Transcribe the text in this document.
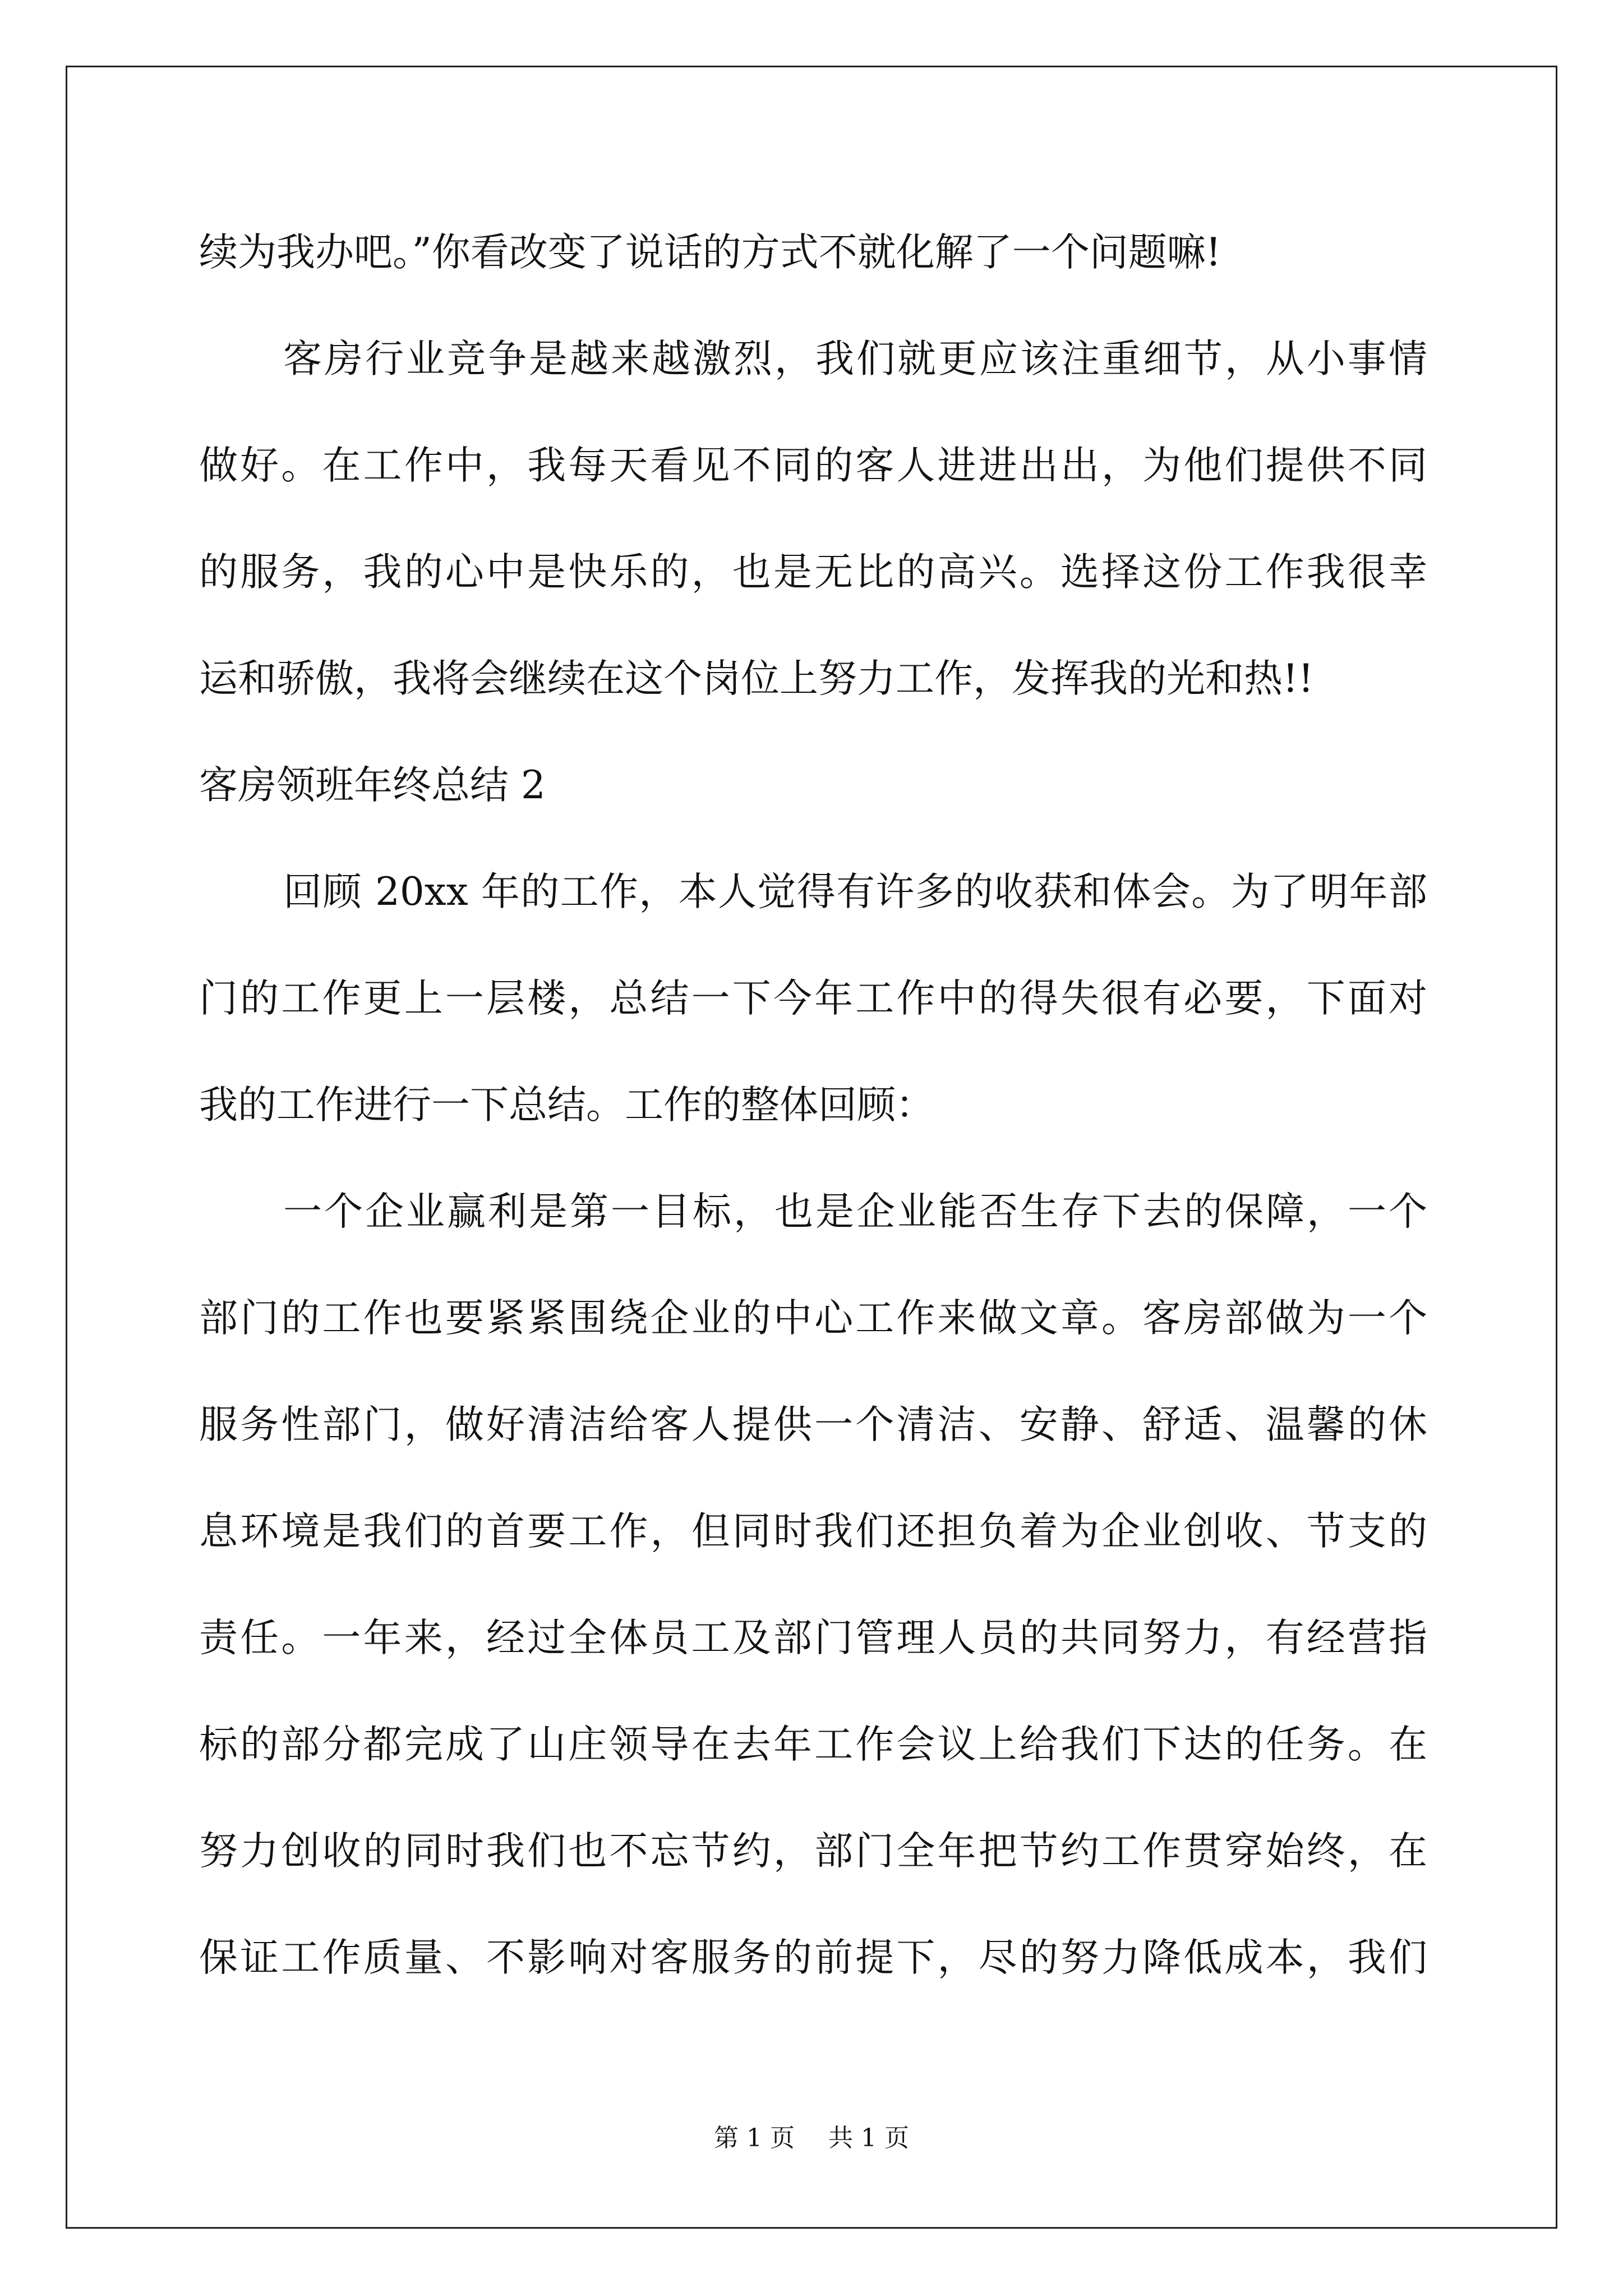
续为我办吧。”你看改变了说话的方式不就化解了一个问题嘛!
客房行业竞争是越来越激烈，我们就更应该注重细节，从小事情
做好。在工作中，我每天看见不同的客人进进出出，为他们提供不同
的服务，我的心中是快乐的，也是无比的高兴。选择这份工作我很幸
运和骄傲，我将会继续在这个岗位上努力工作，发挥我的光和热!!
客房领班年终总结 2
回顾 20xx 年的工作，本人觉得有许多的收获和体会。为了明年部
门的工作更上一层楼，总结一下今年工作中的得失很有必要，下面对
我的工作进行一下总结。工作的整体回顾：
一个企业赢利是第一目标，也是企业能否生存下去的保障，一个
部门的工作也要紧紧围绕企业的中心工作来做文章。客房部做为一个
服务性部门，做好清洁给客人提供一个清洁、安静、舒适、温馨的休
息环境是我们的首要工作，但同时我们还担负着为企业创收、节支的
责任。一年来，经过全体员工及部门管理人员的共同努力，有经营指
标的部分都完成了山庄领导在去年工作会议上给我们下达的任务。在
努力创收的同时我们也不忘节约，部门全年把节约工作贯穿始终，在
保证工作质量、不影响对客服务的前提下，尽的努力降低成本，我们
第 1 页 共 1 页
